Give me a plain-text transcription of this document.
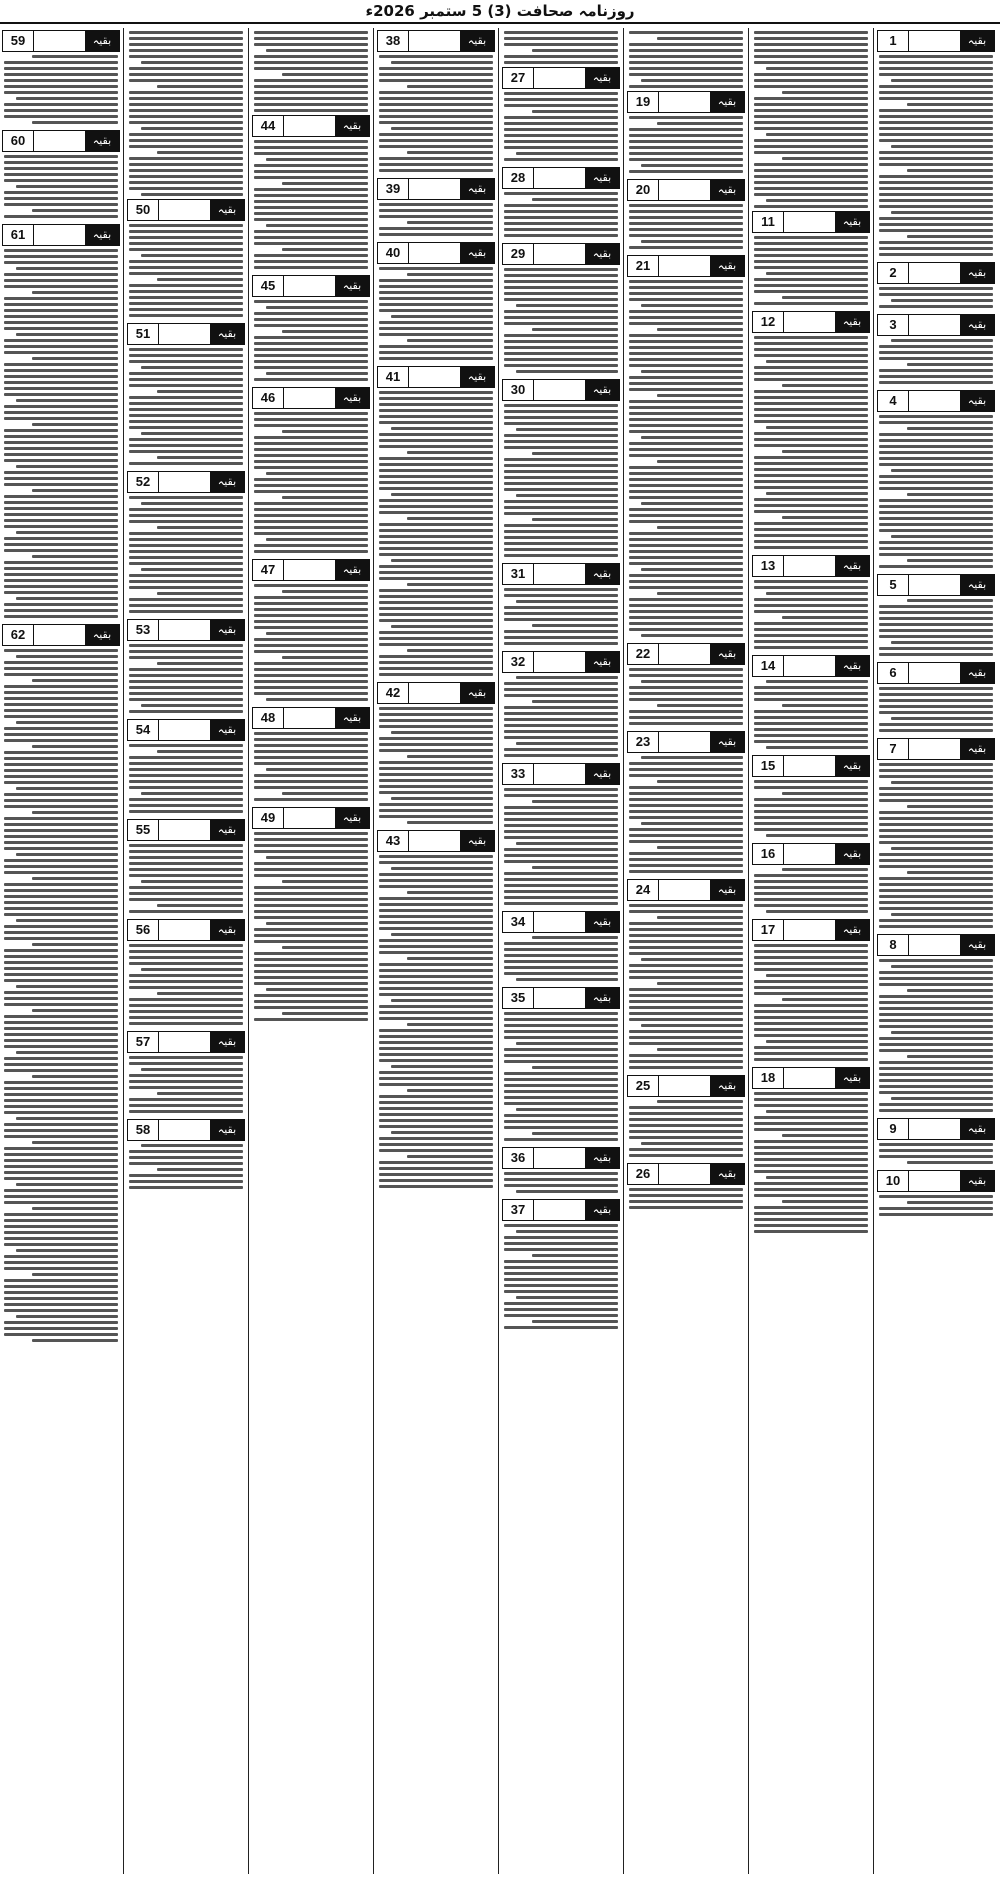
روزنامہ صحافت (3) 5 ستمبر 2026ء
59	بقیہ
60	بقیہ
61	بقیہ
62	بقیہ
50	بقیہ
51	بقیہ
52	بقیہ
53	بقیہ
54	بقیہ
55	بقیہ
56	بقیہ
57	بقیہ
58	بقیہ
44	بقیہ
45	بقیہ
46	بقیہ
47	بقیہ
48	بقیہ
49	بقیہ
38	بقیہ
39	بقیہ
40	بقیہ
41	بقیہ
42	بقیہ
43	بقیہ
27	بقیہ
28	بقیہ
29	بقیہ
30	بقیہ
31	بقیہ
32	بقیہ
33	بقیہ
34	بقیہ
35	بقیہ
36	بقیہ
37	بقیہ
19	بقیہ
20	بقیہ
21	بقیہ
22	بقیہ
23	بقیہ
24	بقیہ
25	بقیہ
26	بقیہ
11	بقیہ
12	بقیہ
13	بقیہ
14	بقیہ
15	بقیہ
16	بقیہ
17	بقیہ
18	بقیہ
1	بقیہ
2	بقیہ
3	بقیہ
4	بقیہ
5	بقیہ
6	بقیہ
7	بقیہ
8	بقیہ
9	بقیہ
10	بقیہ
